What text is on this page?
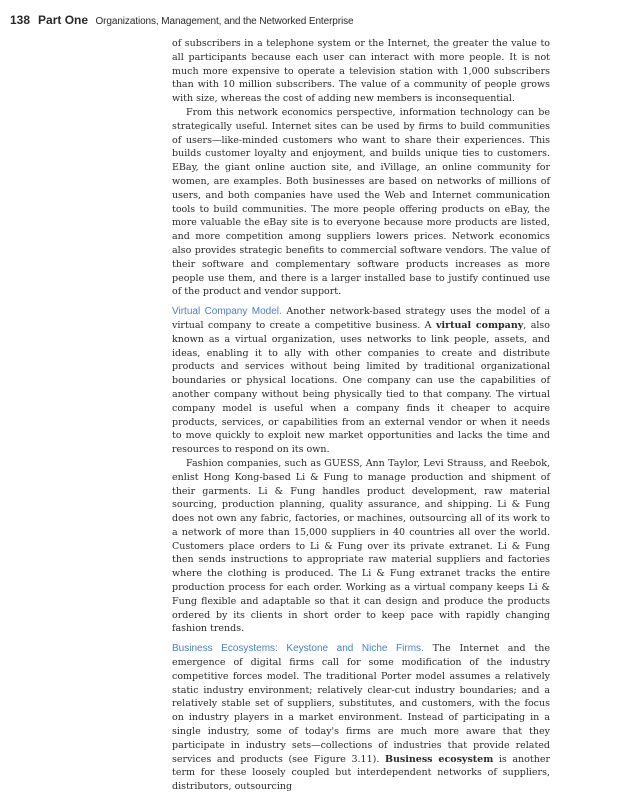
138 Part One Organizations, Management, and the Networked Enterprise

of subscribers in a telephone system or the Internet, the greater the value to all participants because each user can interact with more people. It is not much more expensive to operate a television station with 1,000 subscribers than with 10 million subscribers. The value of a community of people grows with size, whereas the cost of adding new members is inconsequential.

From this network economics perspective, information technology can be strategically useful. Internet sites can be used by firms to build communities of users—like-minded customers who want to share their experiences. This builds customer loyalty and enjoyment, and builds unique ties to customers. EBay, the giant online auction site, and iVillage, an online community for women, are examples. Both businesses are based on networks of millions of users, and both companies have used the Web and Internet communication tools to build communities. The more people offering products on eBay, the more valuable the eBay site is to everyone because more products are listed, and more competition among suppliers lowers prices. Network economics also provides strategic benefits to commercial software vendors. The value of their software and complementary software products increases as more people use them, and there is a larger installed base to justify continued use of the product and vendor support.

Virtual Company Model. Another network-based strategy uses the model of a virtual company to create a competitive business. A virtual company, also known as a virtual organization, uses networks to link people, assets, and ideas, enabling it to ally with other companies to create and distribute products and services without being limited by traditional organizational boundaries or physical locations. One company can use the capabilities of another company without being physically tied to that company. The virtual company model is useful when a company finds it cheaper to acquire products, services, or capabilities from an external vendor or when it needs to move quickly to exploit new market opportunities and lacks the time and resources to respond on its own.

Fashion companies, such as GUESS, Ann Taylor, Levi Strauss, and Reebok, enlist Hong Kong-based Li & Fung to manage production and shipment of their garments. Li & Fung handles product development, raw material sourcing, production planning, quality assurance, and shipping. Li & Fung does not own any fabric, factories, or machines, outsourcing all of its work to a network of more than 15,000 suppliers in 40 countries all over the world. Customers place orders to Li & Fung over its private extranet. Li & Fung then sends instructions to appropriate raw material suppliers and factories where the clothing is produced. The Li & Fung extranet tracks the entire production process for each order. Working as a virtual company keeps Li & Fung flexible and adaptable so that it can design and produce the products ordered by its clients in short order to keep pace with rapidly changing fashion trends.

Business Ecosystems: Keystone and Niche Firms. The Internet and the emergence of digital firms call for some modification of the industry competitive forces model. The traditional Porter model assumes a relatively static industry environment; relatively clear-cut industry boundaries; and a relatively stable set of suppliers, substitutes, and customers, with the focus on industry players in a market environment. Instead of participating in a single industry, some of today's firms are much more aware that they participate in industry sets—collections of industries that provide related services and products (see Figure 3.11). Business ecosystem is another term for these loosely coupled but interdependent networks of suppliers, distributors, outsourcing
